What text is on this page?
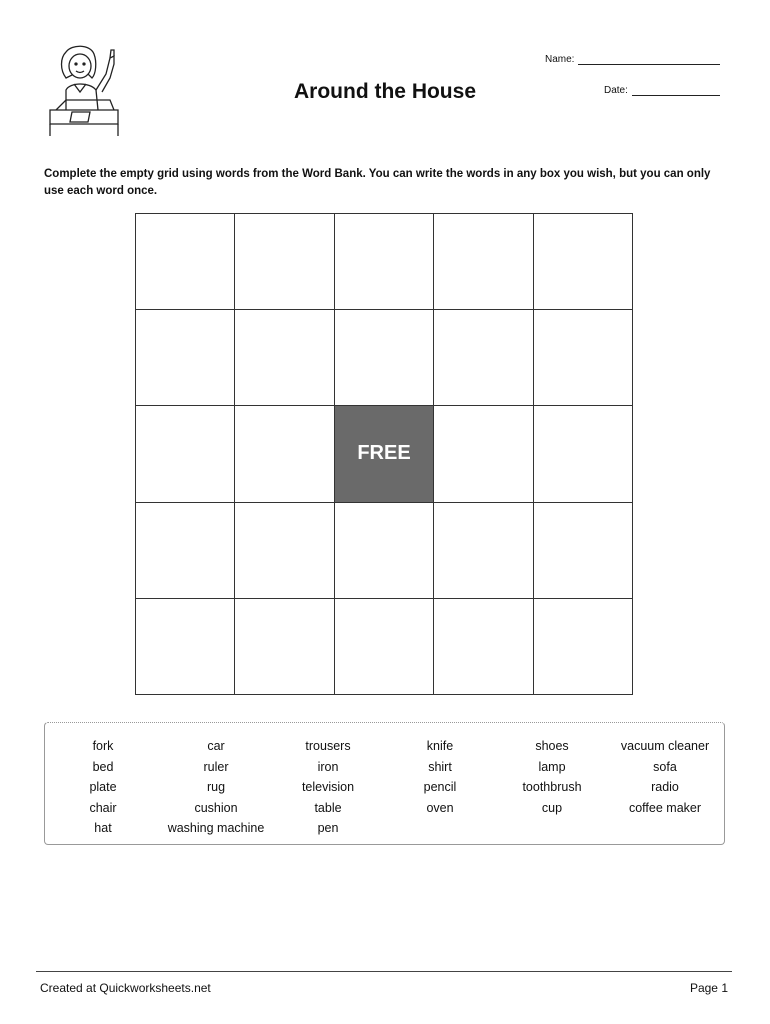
Around the House
Name:
Date:
Complete the empty grid using words from the Word Bank. You can write the words in any box you wish, but you can only use each word once.
FREE
fork
bed
plate
chair
hat
car
ruler
rug
cushion
washing machine
trousers
iron
television
table
pen
knife
shirt
pencil
oven
shoes
lamp
toothbrush
cup
vacuum cleaner
sofa
radio
coffee maker
Created at Quickworksheets.net	Page 1
